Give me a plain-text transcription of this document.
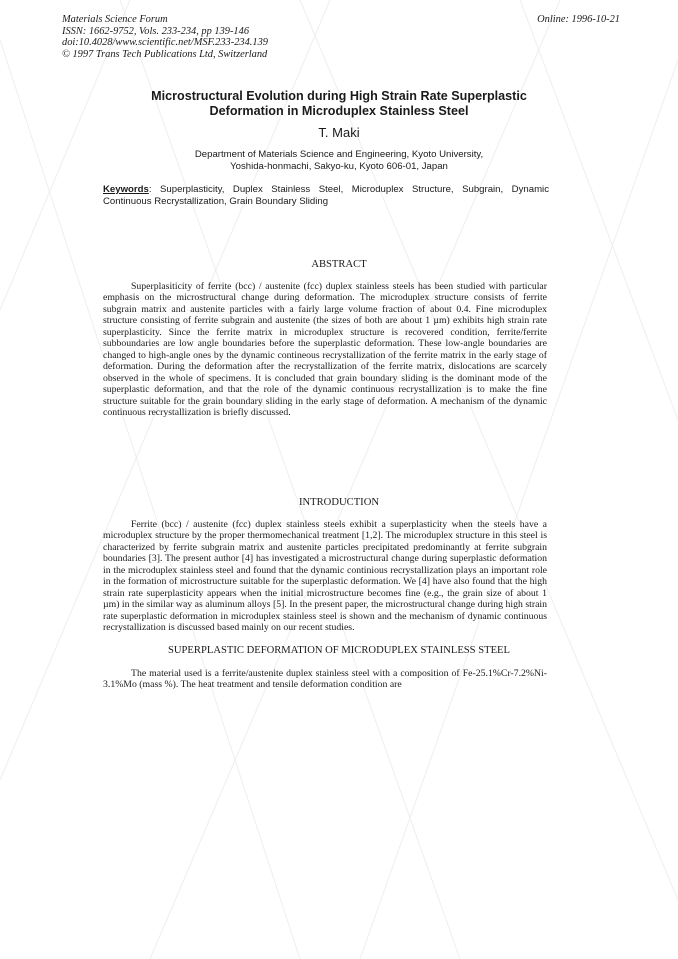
Materials Science Forum
ISSN: 1662-9752, Vols. 233-234, pp 139-146
doi:10.4028/www.scientific.net/MSF.233-234.139
© 1997 Trans Tech Publications Ltd, Switzerland
Online: 1996-10-21
Microstructural Evolution during High Strain Rate Superplastic
Deformation in Microduplex Stainless Steel
T. Maki
Department of Materials Science and Engineering, Kyoto University,
Yoshida-honmachi, Sakyo-ku, Kyoto 606-01, Japan
Keywords: Superplasticity, Duplex Stainless Steel, Microduplex Structure, Subgrain, Dynamic Continuous Recrystallization, Grain Boundary Sliding
ABSTRACT

Superplasiticity of ferrite (bcc) / austenite (fcc) duplex stainless steels has been studied with particular emphasis on the microstructural change during deformation. The microduplex structure consists of ferrite subgrain matrix and austenite particles with a fairly large volume fraction of about 0.4. Fine microduplex structure consisting of ferrite subgrain and austenite (the sizes of both are about 1 µm) exhibits high strain rate superplasticity. Since the ferrite matrix in microduplex structure is recovered condition, ferrite/ferrite subboundaries are low angle boundaries before the superplastic deformation. These low-angle boundaries are changed to high-angle ones by the dynamic contineous recrystallization of the ferrite matrix in the early stage of deformation. During the deformation after the recrystallization of the ferrite matrix, dislocations are scarcely observed in the whole of specimens. It is concluded that grain boundary sliding is the dominant mode of the superplastic deformation, and that the role of the dynamic continuous recrystallization is to make the fine structure suitable for the grain boundary sliding in the early stage of deformation. A mechanism of the dynamic continuous recrystallization is briefly discussed.

INTRODUCTION

Ferrite (bcc) / austenite (fcc) duplex stainless steels exhibit a superplasticity when the steels have a microduplex structure by the proper thermomechanical treatment [1,2]. The microduplex structure in this steel is characterized by ferrite subgrain matrix and austenite particles precipitated predominantly at ferrite subgrain boundaries [3]. The present author [4] has investigated a microstructural change during superplastic deformation in the microduplex stainless steel and found that the dynamic continious recrystallization plays an important role in the formation of microstructure suitable for the superplastic deformation. We [4] have also found that the high strain rate superplasticity appears when the initial microstructure becomes fine (e.g., the grain size of about 1 µm) in the similar way as aluminum alloys [5]. In the present paper, the microstructural change during high strain rate superplastic deformation in microduplex stainless steel is shown and the mechanism of dynamic continuous recrystallization is discussed based mainly on our recent studies.

SUPERPLASTIC DEFORMATION OF MICRODUPLEX STAINLESS STEEL

The material used is a ferrite/austenite duplex stainless steel with a composition of Fe-25.1%Cr-7.2%Ni-3.1%Mo (mass %). The heat treatment and tensile deformation condition are
